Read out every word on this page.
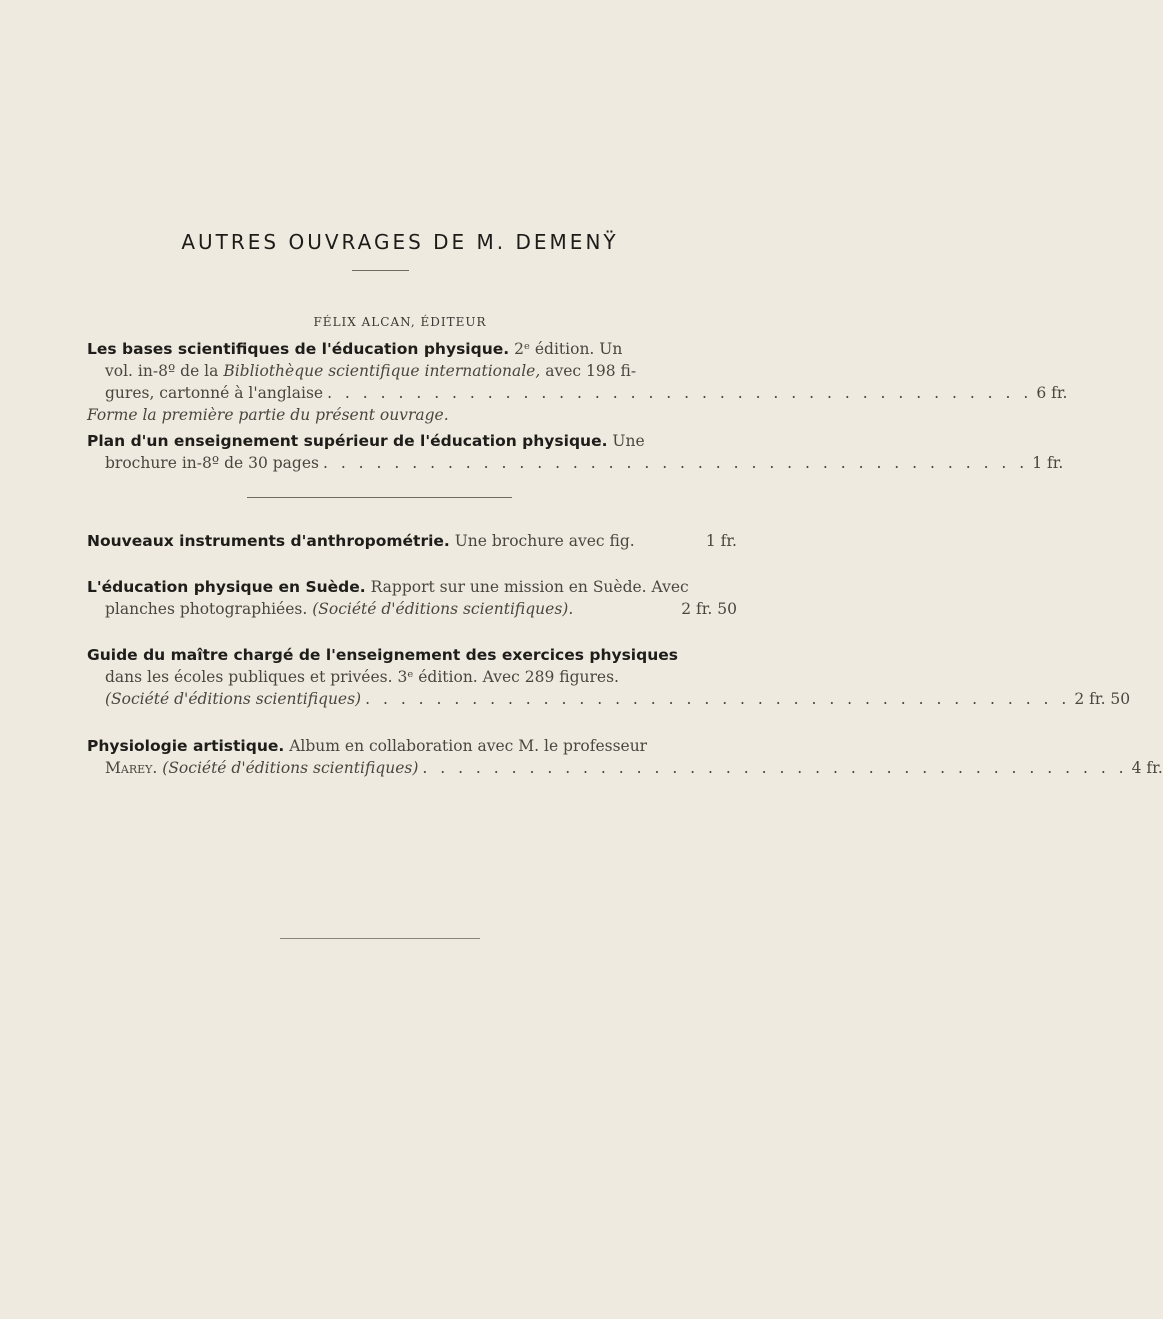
AUTRES OUVRAGES DE M. DEMENŸ
FÉLIX ALCAN, ÉDITEUR
Les bases scientifiques de l'éducation physique. 2ᵉ édition. Un
vol. in-8º de la Bibliothèque scientifique internationale, avec 198 fi-
gures, cartonné à l'anglaise . . . . . . . . . . . . . . . . . . . . . . . . . . . . . . . . . . . . . . . . 6 fr.
Forme la première partie du présent ouvrage.
Plan d'un enseignement supérieur de l'éducation physique. Une
brochure in-8º de 30 pages . . . . . . . . . . . . . . . . . . . . . . . . . . . . . . . . . . . . . . . . 1 fr.
Nouveaux instruments d'anthropométrie. Une brochure avec fig.	1 fr.
L'éducation physique en Suède. Rapport sur une mission en Suède. Avec
planches photographiées. (Société d'éditions scientifiques).	2 fr. 50
Guide du maître chargé de l'enseignement des exercices physiques
dans les écoles publiques et privées. 3ᵉ édition. Avec 289 figures.
(Société d'éditions scientifiques) . . . . . . . . . . . . . . . . . . . . . . . . . . . . . . . . . . . . . . . . 2 fr. 50
Physiologie artistique. Album en collaboration avec M. le professeur
Marey. (Société d'éditions scientifiques) . . . . . . . . . . . . . . . . . . . . . . . . . . . . . . . . . . . . . . . . 4 fr.
